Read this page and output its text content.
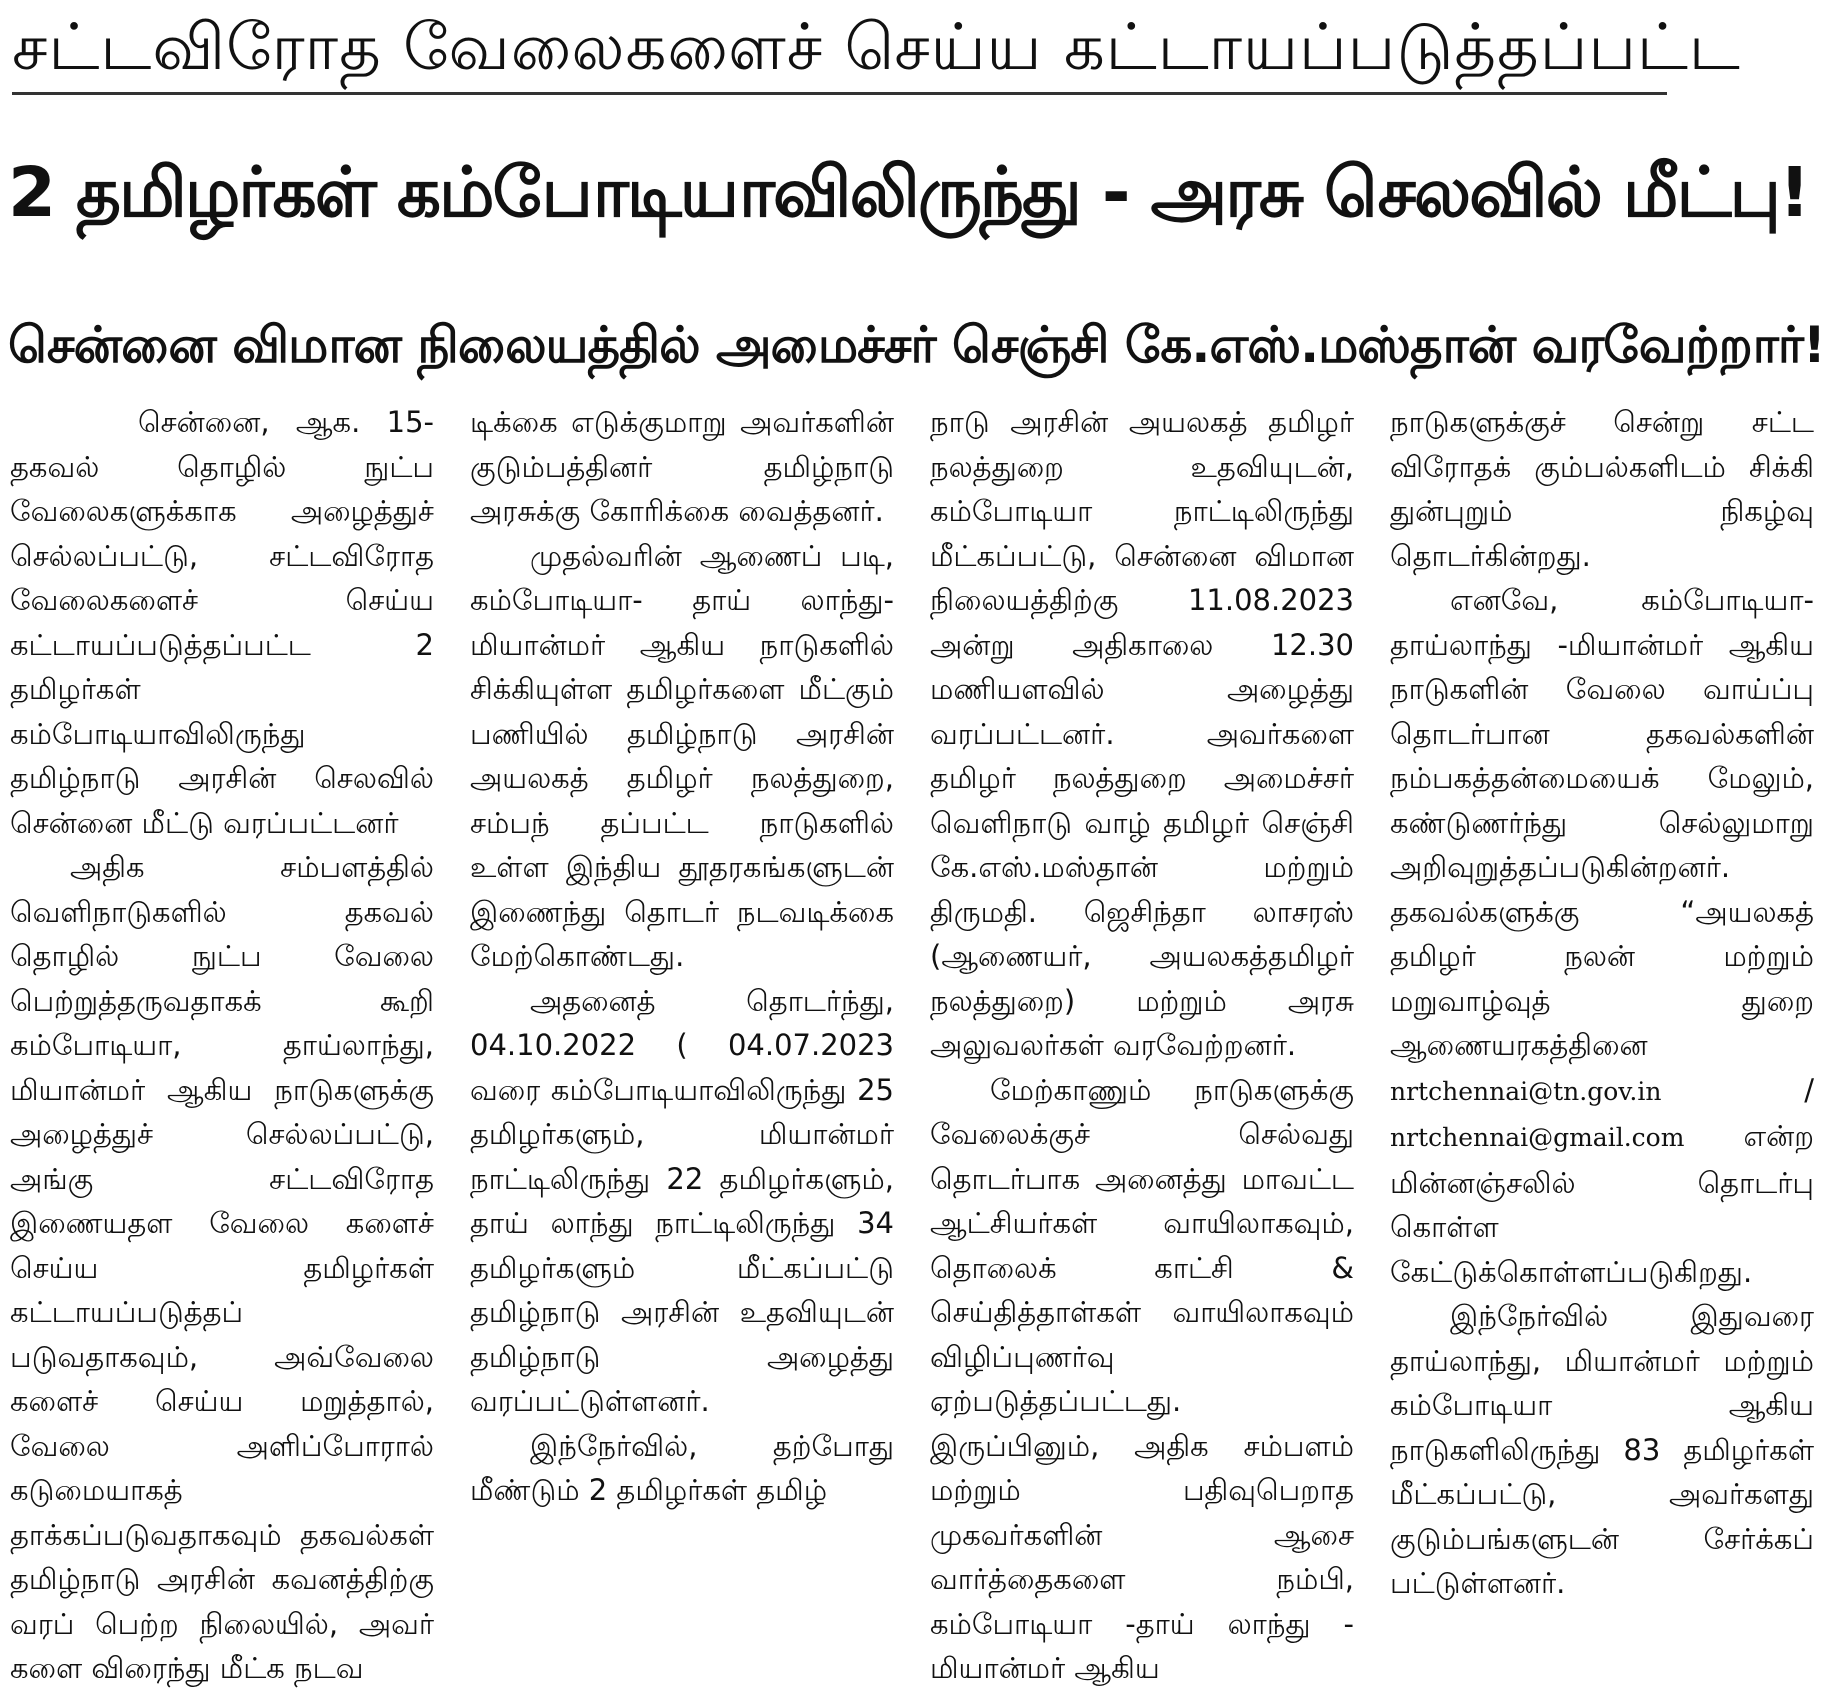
சட்டவிரோத வேலைகளைச் செய்ய கட்டாயப்படுத்தப்பட்ட
2 தமிழர்கள் கம்போடியாவிலிருந்து - அரசு செலவில் மீட்பு!
சென்னை விமான நிலையத்தில் அமைச்சர் செஞ்சி கே.எஸ்.மஸ்தான் வரவேற்றார்!

சென்னை, ஆக. 15- தகவல் தொழில் நுட்ப வேலைகளுக்காக அழைத்துச் செல்லப்பட்டு, சட்டவிரோத வேலைகளைச் செய்ய கட்டாயப்படுத்தப்பட்ட 2 தமிழர்கள் கம்போடியாவிலிருந்து தமிழ்நாடு அரசின் செலவில் சென்னை மீட்டு வரப்பட்டனர்

அதிக சம்பளத்தில் வெளிநாடுகளில் தகவல் தொழில் நுட்ப வேலை பெற்றுத்தருவதாகக் கூறி கம்போடியா, தாய்லாந்து, மியான்மர் ஆகிய நாடுகளுக்கு அழைத்துச் செல்லப்பட்டு, அங்கு சட்டவிரோத இணையதள வேலை களைச் செய்ய தமிழர்கள் கட்டாயப்படுத்தப் படுவதாகவும், அவ்வேலை களைச் செய்ய மறுத்தால், வேலை அளிப்போரால் கடுமையாகத் தாக்கப்படுவதாகவும் தகவல்கள் தமிழ்நாடு அரசின் கவனத்திற்கு வரப் பெற்ற நிலையில், அவர் களை விரைந்து மீட்க நடவ

டிக்கை எடுக்குமாறு அவர்களின் குடும்பத்தினர் தமிழ்நாடு அரசுக்கு கோரிக்கை வைத்தனர்.

முதல்வரின் ஆணைப் படி, கம்போடியா- தாய் லாந்து-மியான்மர் ஆகிய நாடுகளில் சிக்கியுள்ள தமிழர்களை மீட்கும் பணியில் தமிழ்நாடு அரசின் அயலகத் தமிழர் நலத்துறை, சம்பந் தப்பட்ட நாடுகளில் உள்ள இந்திய தூதரகங்களுடன் இணைந்து தொடர் நடவடிக்கை மேற்கொண்டது.

அதனைத் தொடர்ந்து, 04.10.2022 ( 04.07.2023 வரை கம்போடியாவிலிருந்து 25 தமிழர்களும், மியான்மர் நாட்டிலிருந்து 22 தமிழர்களும், தாய் லாந்து நாட்டிலிருந்து 34 தமிழர்களும் மீட்கப்பட்டு தமிழ்நாடு அரசின் உதவியுடன் தமிழ்நாடு அழைத்து வரப்பட்டுள்ளனர்.

இந்நேர்வில், தற்போது மீண்டும் 2 தமிழர்கள் தமிழ்

நாடு அரசின் அயலகத் தமிழர் நலத்துறை உதவியுடன், கம்போடியா நாட்டிலிருந்து மீட்கப்பட்டு, சென்னை விமான நிலையத்திற்கு 11.08.2023 அன்று அதிகாலை 12.30 மணியளவில் அழைத்து வரப்பட்டனர். அவர்களை தமிழர் நலத்துறை அமைச்சர் வெளிநாடு வாழ் தமிழர் செஞ்சி கே.எஸ்.மஸ்தான் மற்றும் திருமதி. ஜெசிந்தா லாசரஸ் (ஆணையர், அயலகத்தமிழர் நலத்துறை) மற்றும் அரசு அலுவலர்கள் வரவேற்றனர்.

மேற்காணும் நாடுகளுக்கு வேலைக்குச் செல்வது தொடர்பாக அனைத்து மாவட்ட ஆட்சியர்கள் வாயிலாகவும், தொலைக் காட்சி & செய்தித்தாள்கள் வாயிலாகவும் விழிப்புணர்வு ஏற்படுத்தப்பட்டது. இருப்பினும், அதிக சம்பளம் மற்றும் பதிவுபெறாத முகவர்களின் ஆசை வார்த்தைகளை நம்பி, கம்போடியா -தாய் லாந்து - மியான்மர் ஆகிய

நாடுகளுக்குச் சென்று சட்ட விரோதக் கும்பல்களிடம் சிக்கி துன்புறும் நிகழ்வு தொடர்கின்றது.

எனவே, கம்போடியா- தாய்லாந்து -மியான்மர் ஆகிய நாடுகளின் வேலை வாய்ப்பு தொடர்பான தகவல்களின் நம்பகத்தன்மையைக் மேலும், கண்டுணர்ந்து செல்லுமாறு அறிவுறுத்தப்படுகின்றனர். தகவல்களுக்கு “அயலகத் தமிழர் நலன் மற்றும் மறுவாழ்வுத் துறை ஆணையரகத்தினை nrtchennai@tn.gov.in	/ nrtchennai@gmail.com என்ற மின்னஞ்சலில் தொடர்பு கொள்ள கேட்டுக்கொள்ளப்படுகிறது.

இந்நேர்வில் இதுவரை தாய்லாந்து, மியான்மர் மற்றும் கம்போடியா ஆகிய நாடுகளிலிருந்து 83 தமிழர்கள் மீட்கப்பட்டு, அவர்களது குடும்பங்களுடன் சேர்க்கப் பட்டுள்ளனர்.
